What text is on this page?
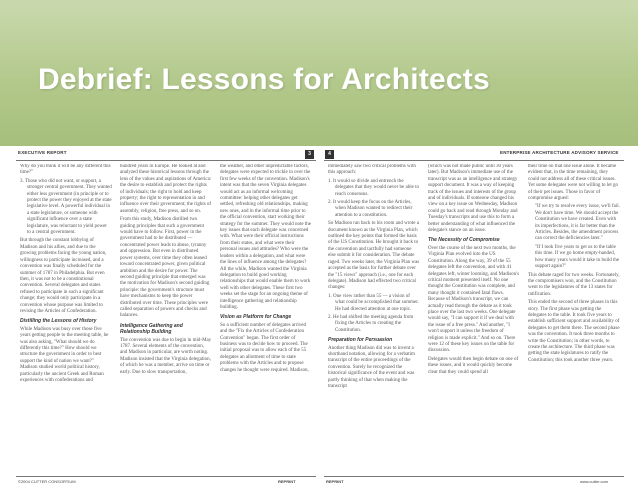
Debrief: Lessons for Architects
EXECUTIVE REPORT	3

Why do you think it will be any different this time?"

3. Those who did not want, or support, a stronger central government. They wanted either less government (in principle or to protect the power they enjoyed at the state legislative level. A powerful individual in a state legislature, or someone with significant influence over a state legislature, was reluctant to yield power to a central government.

But through the constant lobbying of Madison and his allies, and due to the growing problems facing the young nation, willingness to participate increased, and a convention was finally scheduled for the summer of 1787 in Philadelphia. But even then, it was not to be a constitutional convention. Several delegates and states refused to participate in such a significant change; they would only participate in a convention whose purpose was limited to revising the Articles of Confederation.

Distilling the Lessons of History

While Madison was busy over those five years getting people to the meeting table, he was also asking, "What should we do differently this time?" How should we structure the government in order to best support the kind of nation we want?" Madison studied world political history, particularly the ancient Greek and Roman experiences with confederations and

hundred years in Europe. He looked at and analyzed these historical lessons through the lens of the values and aspirations of America: the desire to establish and protect the rights of individuals; the right to hold and keep property; the right to representation in and influence over their government; the rights of assembly, religion, free press, and so on.

From this study, Madison distilled two guiding principles that such a government would have to follow. First, power in the government had to be distributed — concentrated power leads to abuse, tyranny and oppression. But even in distributed power systems, over time they often leaned toward concentrated power, given political ambition and the desire for power. The second guiding principle that emerged was the motivation for Madison's second guiding principle: the government's structure must have mechanisms to keep the power distributed over time. These principles were called separation of powers and checks and balances.

Intelligence Gathering and Relationship Building

The convention was due to begin in mid-May 1787. Several elements of the convention, and Madison in particular, are worth noting. Madison insisted that the Virginia delegation, of which he was a member, arrive on time or early. Due to slow transportation,

the weather, and other unpredictable factors, delegates were expected to trickle in over the first few weeks of the convention. Madison's intent was that the seven Virginia delegates would act as an informal welcoming committee: helping other delegates get settled, refreshing old relationships, making new ones, and in the informal time prior to the official convention, start working their strategy for the summer. They would note the key issues that each delegate was concerned with. What were their official instructions from their states, and what were their personal issues and attitudes? Who were the leaders within a delegation, and what were the lines of influence among the delegates? All the while, Madison wanted the Virginia delegation to build good working relationships that would enable them to work well with other delegates. These first two weeks set the stage for an ongoing theme of intelligence gathering and relationship building.

Vision as Platform for Change

So a sufficient number of delegates arrived and the "Fix the Articles of Confederation Convention" began. The first order of business was to decide how to proceed. The initial proposal was to allow each of the 55 delegates an allotment of time to state problems with the Articles and to propose changes he thought were required. Madison,

©2004 CUTTER CONSORTIUM	REPRINT
4	ENTERPRISE ARCHITECTURE ADVISORY SERVICE

immediately saw two critical problems with this approach:

1. It would so divide and entrench the delegates that they would never be able to reach consensus.

2. It would keep the focus on the Articles, when Madison wanted to redirect their attention to a constitution.

So Madison ran back to his room and wrote a document known as the Virginia Plan, which outlined the key points that formed the basis of the US Constitution. He brought it back to the convention and tactfully had someone else submit it for consideration. The debate raged. Two weeks later, the Virginia Plan was accepted as the basis for further debate over the "15 views" approach (i.e., one for each delegate). Madison had effected two critical changes:

1. One view rather than 55 — a vision of what could be accomplished that summer. He had directed attention at one topic.

2. He had shifted the meeting agenda from fixing the Articles to creating the Constitution.

Preparation for Persuasion

Another thing Madison did was to invent a shorthand notation, allowing for a verbatim transcript of the entire proceedings of the convention. Surely he recognized the historical significance of the event and was partly thinking of that when making the transcript

(which was not made public until 30 years later). But Madison's immediate use of the transcript was as an intelligence and strategy support document. It was a way of keeping track of the issues and interests of the group and of individuals. If someone changed his view on a key issue on Wednesday, Madison could go back and read through Monday and Tuesday's transcripts and use this to form a better understanding of what influenced the delegate's stance on an issue.

The Necessity of Compromise

Over the course of the next two months, the Virginia Plan evolved into the US Constitution. Along the way, 39 of the 55 delegates left the convention, and with 41 delegates left, winter looming, and Madison's critical moment presented itself. No one thought the Constitution was complete, and many thought it contained fatal flaws. Because of Madison's transcript, we can actually read through the debate as it took place over the last two weeks. One delegate would say, "I can support it if we deal with the issue of a free press." And another, "I won't support it unless the freedom of religion is made explicit." And so on. There were 12 of these key issues on the table for discussion.

Delegates would then begin debate on one of these issues, and it would quickly become clear that they could spend all

their time on that one issue alone. It became evident that, in the time remaining, they could not address all of these critical issues. Yet some delegates were not willing to let go of their pet issues. Those in favor of compromise argued:

"If we try to resolve every issue, we'll fail. We don't have time. We should accept the Constitution we have created. Even with its imperfections, it is far better than the Articles. Besides, the amendment process can correct the deficiencies later."

"If I took five years to get us to the table this time. If we go home empty-handed, how many years would it take to build the support again?"

This debate raged for two weeks. Fortunately, the compromisers won, and the Constitution went to the legislatures of the 13 states for ratification.

This ended the second of three phases in this story. The first phase was getting the delegates to the table. It took five years to establish sufficient support and availability of delegates to get them there. The second phase was the convention. It took three months to write the Constitution; in other words, to create the architecture. The third phase was getting the state legislatures to ratify the Constitution; this took another three years.

REPRINT	www.cutter.com
